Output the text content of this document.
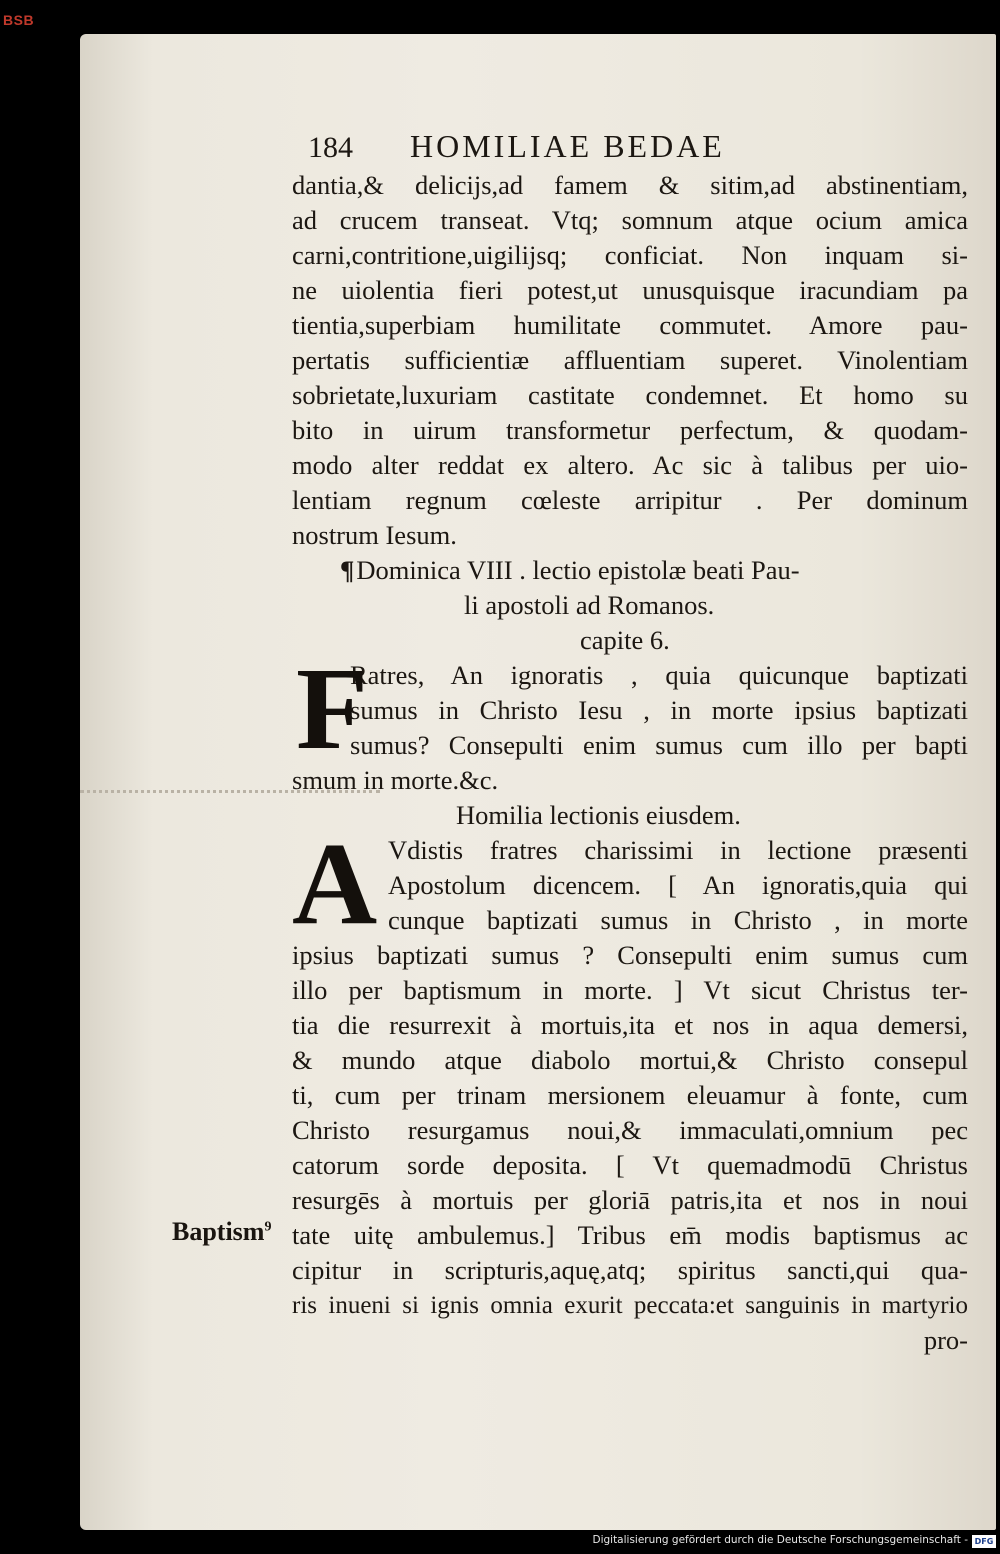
BSB
184	HOMILIAE BEDAE
dantia,& delicijs,ad famem & sitim,ad abstinentiam,
ad crucem transeat. Vtq; somnum atque ocium amica
carni,contritione,uigilijsq; conficiat. Non inquam si-
ne uiolentia fieri potest,ut unusquisque iracundiam pa
tientia,superbiam humilitate commutet. Amore pau-
pertatis sufficientiæ affluentiam superet. Vinolentiam
sobrietate,luxuriam castitate condemnet. Et homo su
bito in uirum transformetur perfectum, & quodam-
modo alter reddat ex altero. Ac sic à talibus per uio-
lentiam regnum cœleste arripitur . Per dominum
nostrum Iesum.
¶Dominica VIII . lectio epistolæ beati Pau-
li apostoli ad Romanos.
capite 6.
F
Ratres, An ignoratis , quia quicunque baptizati
sumus in Christo Iesu , in morte ipsius baptizati
sumus? Consepulti enim sumus cum illo per bapti
smum in morte.&c.
Homilia lectionis eiusdem.
A Vdistis fratres charissimi in lectione præsenti
Apostolum dicencem. [ An ignoratis,quia qui
cunque baptizati sumus in Christo , in morte
ipsius baptizati sumus ? Consepulti enim sumus cum
illo per baptismum in morte. ] Vt sicut Christus ter-
tia die resurrexit à mortuis,ita et nos in aqua demersi,
& mundo atque diabolo mortui,& Christo consepul
ti, cum per trinam mersionem eleuamur à fonte, cum
Christo resurgamus noui,& immaculati,omnium pec
catorum sorde deposita. [ Vt quemadmodū Christus
resurgēs à mortuis per gloriā patris,ita et nos in noui
tate uitę ambulemus.] Tribus em̄ modis baptismus ac
cipitur in scripturis,aquę,atq; spiritus sancti,qui qua-
ris inueni si ignis omnia exurit peccata:et sanguinis in martyrio
pro-
Baptism$^9$
Digitalisierung gefördert durch die Deutsche Forschungsgemeinschaft - DFG
